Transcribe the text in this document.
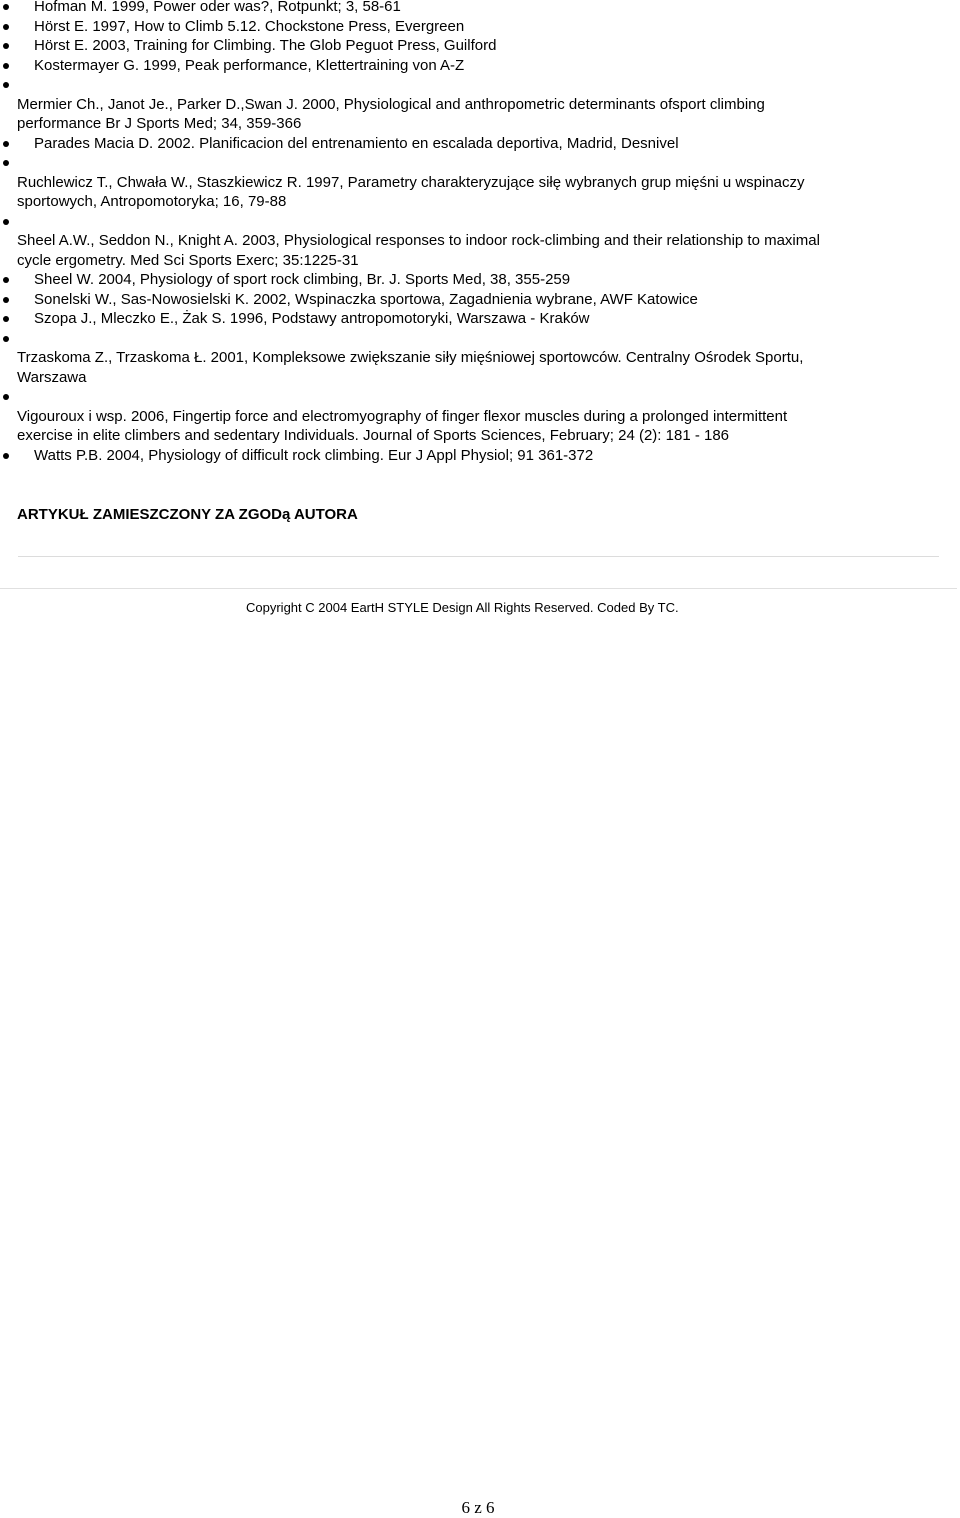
Hofman M. 1999, Power oder was?, Rotpunkt; 3, 58-61
Hörst E. 1997, How to Climb 5.12. Chockstone Press, Evergreen
Hörst E. 2003, Training for Climbing. The Glob Peguot Press, Guilford
Kostermayer G. 1999, Peak performance, Klettertraining von A-Z
Mermier Ch., Janot Je., Parker D.,Swan J. 2000, Physiological and anthropometric determinants ofsport climbing
performance Br J Sports Med; 34, 359-366
Parades Macia D. 2002. Planificacion del entrenamiento en escalada deportiva, Madrid, Desnivel
Ruchlewicz T., Chwała W., Staszkiewicz R. 1997, Parametry charakteryzujące siłę wybranych grup mięśni u wspinaczy
sportowych, Antropomotoryka; 16, 79-88
Sheel A.W., Seddon N., Knight A. 2003, Physiological responses to indoor rock-climbing and their relationship to maximal
cycle ergometry. Med Sci Sports Exerc; 35:1225-31
Sheel W. 2004, Physiology of sport rock climbing, Br. J. Sports Med, 38, 355-259
Sonelski W., Sas-Nowosielski K. 2002, Wspinaczka sportowa, Zagadnienia wybrane, AWF Katowice
Szopa J., Mleczko E., Żak S. 1996, Podstawy antropomotoryki, Warszawa - Kraków
Trzaskoma Z., Trzaskoma Ł. 2001, Kompleksowe zwiększanie siły mięśniowej sportowców. Centralny Ośrodek Sportu,
Warszawa
Vigouroux i wsp. 2006, Fingertip force and electromyography of finger flexor muscles during a prolonged intermittent
exercise in elite climbers and sedentary Individuals. Journal of Sports Sciences, February; 24 (2): 181 - 186
Watts P.B. 2004, Physiology of difficult rock climbing. Eur J Appl Physiol; 91 361-372
ARTYKUŁ ZAMIESZCZONY ZA ZGODą AUTORA
Copyright C 2004 EartH STYLE Design All Rights Reserved. Coded By TC.
6 z 6
